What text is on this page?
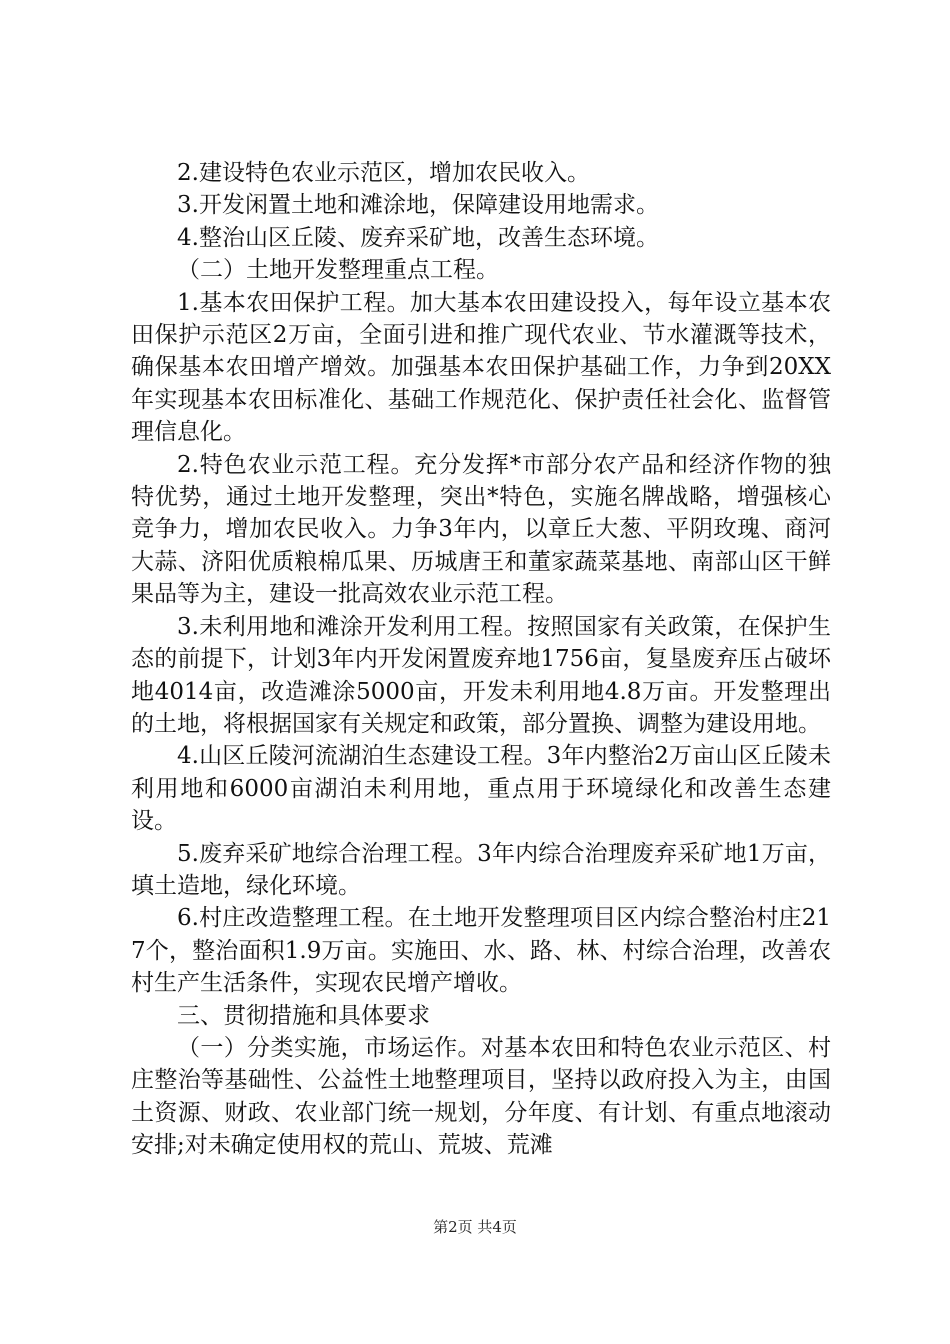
2.建设特色农业示范区，增加农民收入。

3.开发闲置土地和滩涂地，保障建设用地需求。

4.整治山区丘陵、废弃采矿地，改善生态环境。

（二）土地开发整理重点工程。

1.基本农田保护工程。加大基本农田建设投入，每年设立基本农田保护示范区2万亩，全面引进和推广现代农业、节水灌溉等技术，确保基本农田增产增效。加强基本农田保护基础工作，力争到20XX年实现基本农田标准化、基础工作规范化、保护责任社会化、监督管理信息化。

2.特色农业示范工程。充分发挥*市部分农产品和经济作物的独特优势，通过土地开发整理，突出*特色，实施名牌战略，增强核心竞争力，增加农民收入。力争3年内，以章丘大葱、平阴玫瑰、商河大蒜、济阳优质粮棉瓜果、历城唐王和董家蔬菜基地、南部山区干鲜果品等为主，建设一批高效农业示范工程。

3.未利用地和滩涂开发利用工程。按照国家有关政策，在保护生态的前提下，计划3年内开发闲置废弃地1756亩，复垦废弃压占破坏地4014亩，改造滩涂5000亩，开发未利用地4.8万亩。开发整理出的土地，将根据国家有关规定和政策，部分置换、调整为建设用地。

4.山区丘陵河流湖泊生态建设工程。3年内整治2万亩山区丘陵未利用地和6000亩湖泊未利用地，重点用于环境绿化和改善生态建设。

5.废弃采矿地综合治理工程。3年内综合治理废弃采矿地1万亩，填土造地，绿化环境。

6.村庄改造整理工程。在土地开发整理项目区内综合整治村庄217个，整治面积1.9万亩。实施田、水、路、林、村综合治理，改善农村生产生活条件，实现农民增产增收。

三、贯彻措施和具体要求

（一）分类实施，市场运作。对基本农田和特色农业示范区、村庄整治等基础性、公益性土地整理项目，坚持以政府投入为主，由国土资源、财政、农业部门统一规划，分年度、有计划、有重点地滚动安排;对未确定使用权的荒山、荒坡、荒滩

第2页 共4页
